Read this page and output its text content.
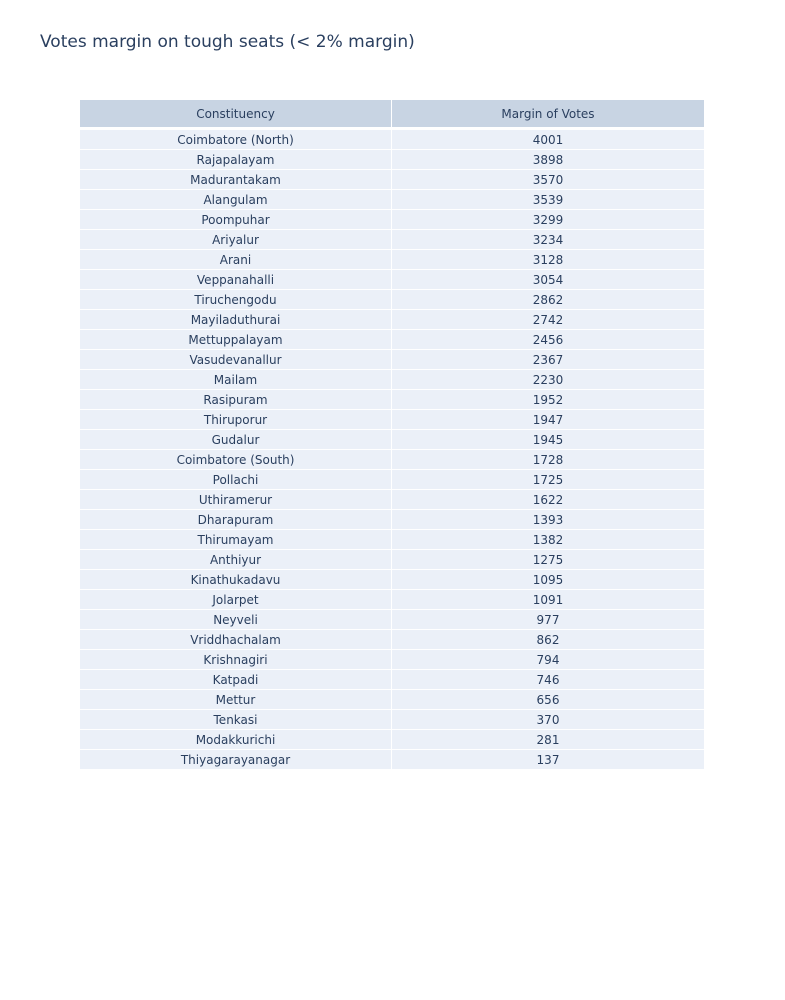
Votes margin on tough seats (< 2% margin)
Constituency	Margin of Votes
Coimbatore (North)	4001
Rajapalayam	3898
Madurantakam	3570
Alangulam	3539
Poompuhar	3299
Ariyalur	3234
Arani	3128
Veppanahalli	3054
Tiruchengodu	2862
Mayiladuthurai	2742
Mettuppalayam	2456
Vasudevanallur	2367
Mailam	2230
Rasipuram	1952
Thiruporur	1947
Gudalur	1945
Coimbatore (South)	1728
Pollachi	1725
Uthiramerur	1622
Dharapuram	1393
Thirumayam	1382
Anthiyur	1275
Kinathukadavu	1095
Jolarpet	1091
Neyveli	977
Vriddhachalam	862
Krishnagiri	794
Katpadi	746
Mettur	656
Tenkasi	370
Modakkurichi	281
Thiyagarayanagar	137
